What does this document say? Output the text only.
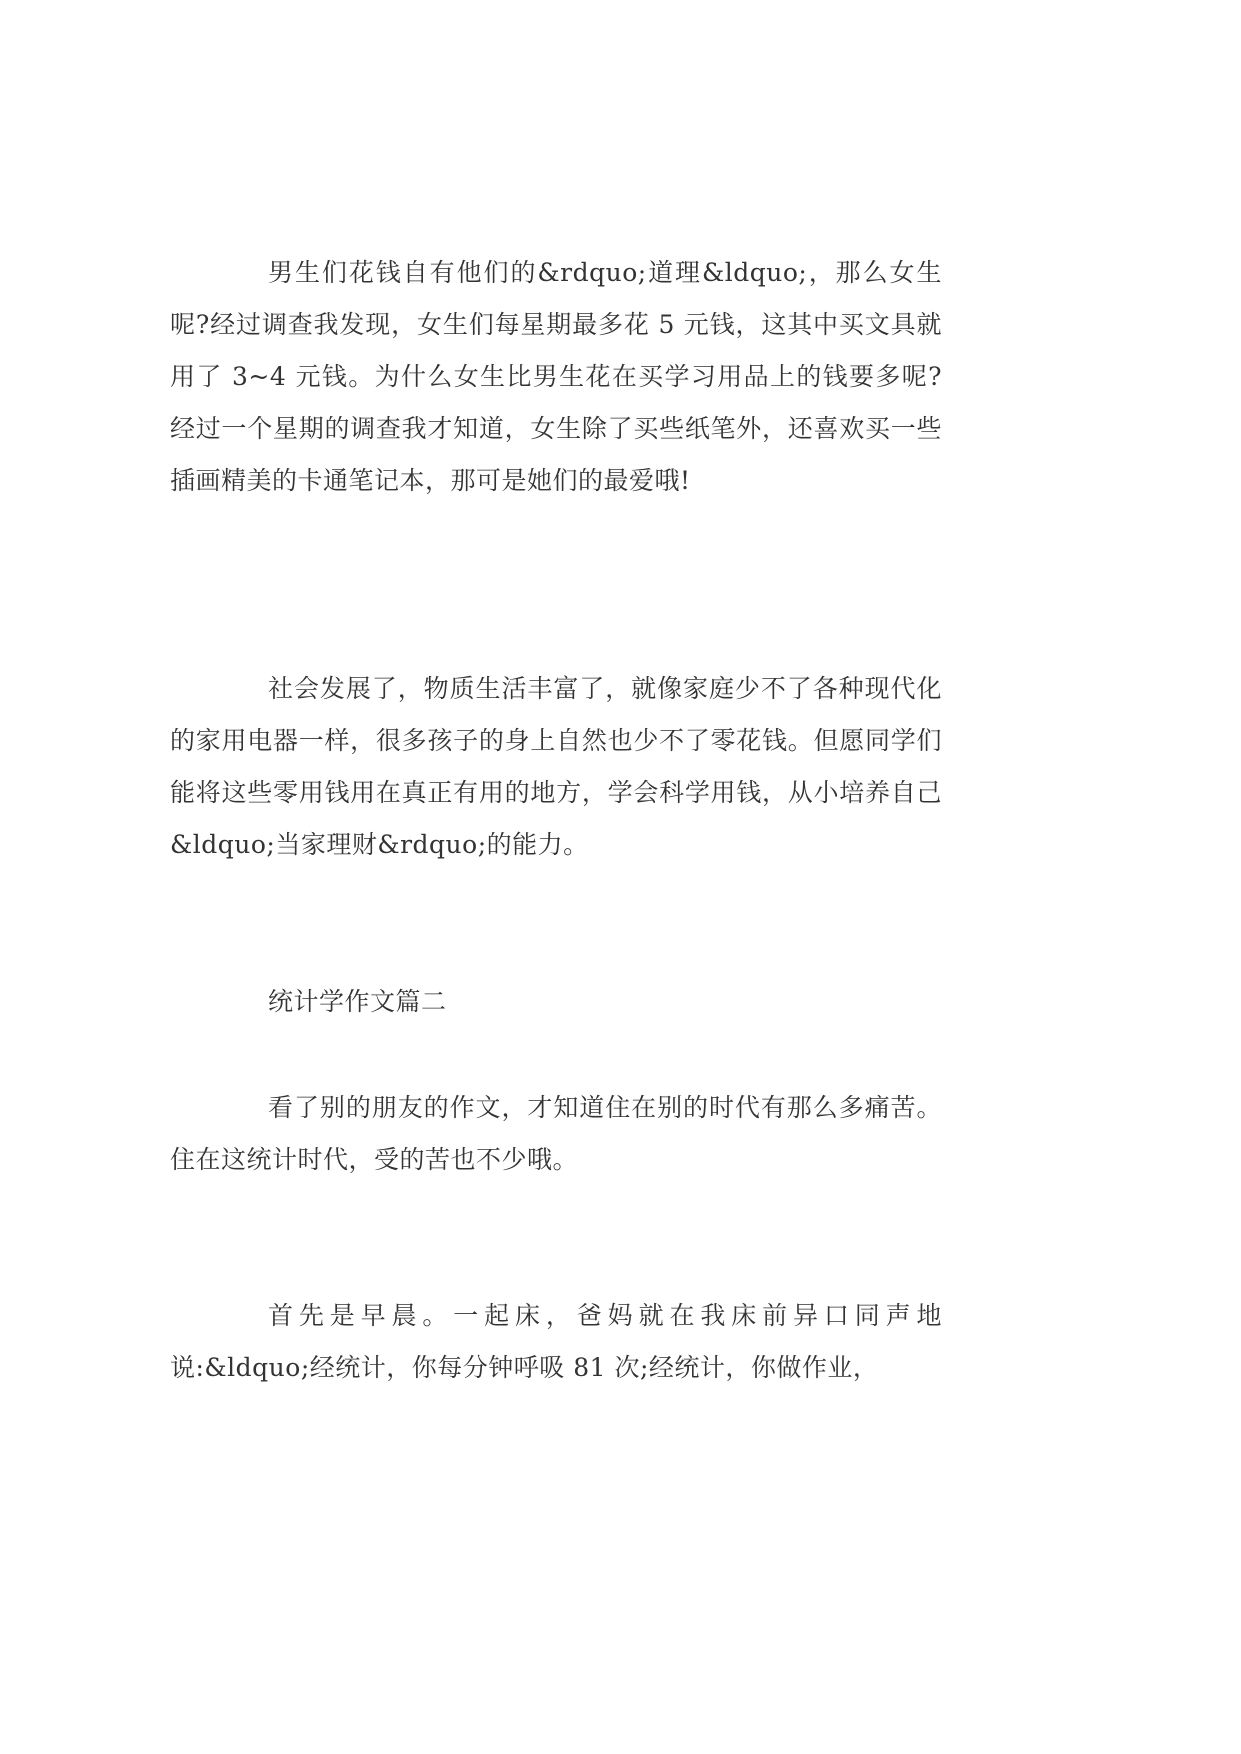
男生们花钱自有他们的&rdquo;道理&ldquo;，那么女生呢?经过调查我发现，女生们每星期最多花 5 元钱，这其中买文具就用了 3~4 元钱。为什么女生比男生花在买学习用品上的钱要多呢?经过一个星期的调查我才知道，女生除了买些纸笔外，还喜欢买一些插画精美的卡通笔记本，那可是她们的最爱哦!

社会发展了，物质生活丰富了，就像家庭少不了各种现代化的家用电器一样，很多孩子的身上自然也少不了零花钱。但愿同学们能将这些零用钱用在真正有用的地方，学会科学用钱，从小培养自己&ldquo;当家理财&rdquo;的能力。

统计学作文篇二

看了别的朋友的作文，才知道住在别的时代有那么多痛苦。住在这统计时代，受的苦也不少哦。

首先是早晨。一起床，爸妈就在我床前异口同声地说:&ldquo;经统计，你每分钟呼吸 81 次;经统计，你做作业，
